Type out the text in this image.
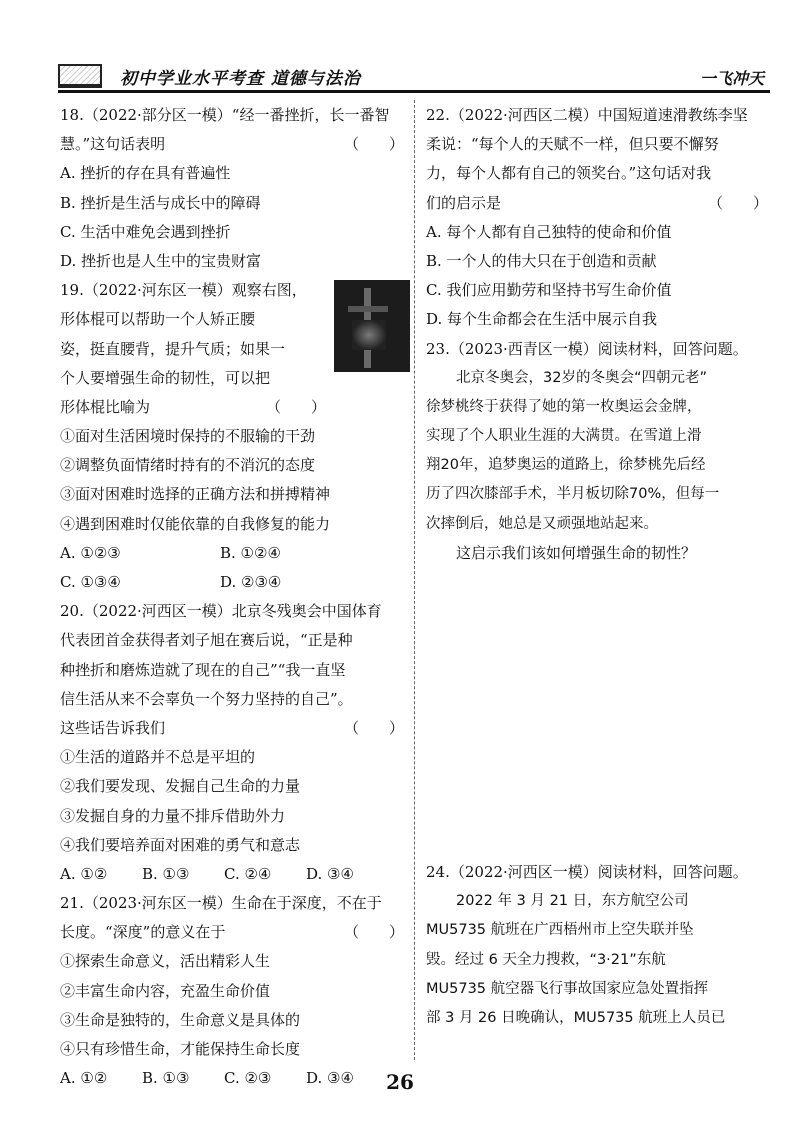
初中学业水平考查 道德与法治	一飞冲天
18.（2022·部分区一模）“经一番挫折，长一番智
慧。”这句话表明	（　　）
A. 挫折的存在具有普遍性
B. 挫折是生活与成长中的障碍
C. 生活中难免会遇到挫折
D. 挫折也是人生中的宝贵财富
19.（2022·河东区一模）观察右图，
形体棍可以帮助一个人矫正腰
姿，挺直腰背，提升气质；如果一
个人要增强生命的韧性，可以把
形体棍比喻为	（　　）
①面对生活困境时保持的不服输的干劲
②调整负面情绪时持有的不消沉的态度
③面对困难时选择的正确方法和拼搏精神
④遇到困难时仅能依靠的自我修复的能力
A. ①②③	B. ①②④
C. ①③④	D. ②③④
20.（2022·河西区一模）北京冬残奥会中国体育
代表团首金获得者刘子旭在赛后说，“正是种
种挫折和磨炼造就了现在的自己”“我一直坚
信生活从来不会辜负一个努力坚持的自己”。
这些话告诉我们	（　　）
①生活的道路并不总是平坦的
②我们要发现、发掘自己生命的力量
③发掘自身的力量不排斥借助外力
④我们要培养面对困难的勇气和意志
A. ①②	B. ①③	C. ②④	D. ③④
21.（2023·河东区一模）生命在于深度，不在于
长度。“深度”的意义在于	（　　）
①探索生命意义，活出精彩人生
②丰富生命内容，充盈生命价值
③生命是独特的，生命意义是具体的
④只有珍惜生命，才能保持生命长度
A. ①②	B. ①③	C. ②③	D. ③④
22.（2022·河西区二模）中国短道速滑教练李坚
柔说：“每个人的天赋不一样，但只要不懈努
力，每个人都有自己的领奖台。”这句话对我
们的启示是	（　　）
A. 每个人都有自己独特的使命和价值
B. 一个人的伟大只在于创造和贡献
C. 我们应用勤劳和坚持书写生命价值
D. 每个生命都会在生活中展示自我
23.（2023·西青区一模）阅读材料，回答问题。
北京冬奥会，32岁的冬奥会“四朝元老”
徐梦桃终于获得了她的第一枚奥运会金牌，
实现了个人职业生涯的大满贯。在雪道上滑
翔20年，追梦奥运的道路上，徐梦桃先后经
历了四次膝部手术，半月板切除70%，但每一
次摔倒后，她总是又顽强地站起来。
这启示我们该如何增强生命的韧性？
24.（2022·河西区一模）阅读材料，回答问题。
2022 年 3 月 21 日，东方航空公司
MU5735 航班在广西梧州市上空失联并坠
毁。经过 6 天全力搜救，“3·21”东航
MU5735 航空器飞行事故国家应急处置指挥
部 3 月 26 日晚确认，MU5735 航班上人员已
26
